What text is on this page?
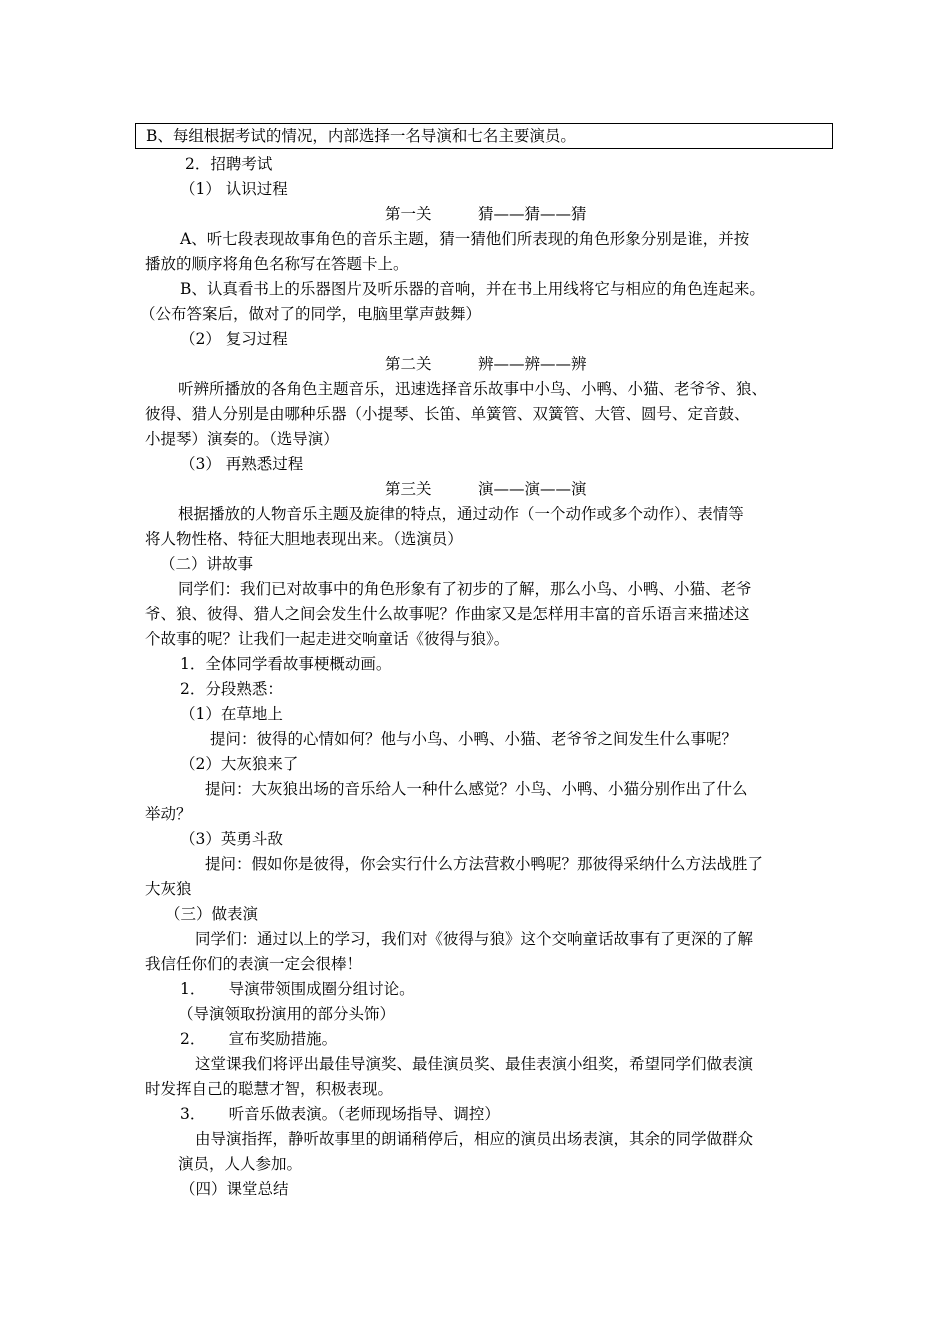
B、每组根据考试的情况，内部选择一名导演和七名主要演员。
2．招聘考试
（1） 认识过程
第一关　　　猜——猜——猜
A、听七段表现故事角色的音乐主题，猜一猜他们所表现的角色形象分别是谁，并按
播放的顺序将角色名称写在答题卡上。
B、认真看书上的乐器图片及听乐器的音响，并在书上用线将它与相应的角色连起来。
（公布答案后，做对了的同学，电脑里掌声鼓舞）
（2） 复习过程
第二关　　　辨——辨——辨
听辨所播放的各角色主题音乐，迅速选择音乐故事中小鸟、小鸭、小猫、老爷爷、狼、
彼得、猎人分别是由哪种乐器（小提琴、长笛、单簧管、双簧管、大管、圆号、定音鼓、
小提琴）演奏的。（选导演）
（3） 再熟悉过程
第三关　　　演——演——演
根据播放的人物音乐主题及旋律的特点，通过动作（一个动作或多个动作）、表情等
将人物性格、特征大胆地表现出来。（选演员）
（二）讲故事
同学们：我们已对故事中的角色形象有了初步的了解，那么小鸟、小鸭、小猫、老爷
爷、狼、彼得、猎人之间会发生什么故事呢？作曲家又是怎样用丰富的音乐语言来描述这
个故事的呢？让我们一起走进交响童话《彼得与狼》。
1．全体同学看故事梗概动画。
2．分段熟悉：
（1）在草地上
提问：彼得的心情如何？他与小鸟、小鸭、小猫、老爷爷之间发生什么事呢？
（2）大灰狼来了
提问：大灰狼出场的音乐给人一种什么感觉？小鸟、小鸭、小猫分别作出了什么
举动？
（3）英勇斗敌
提问：假如你是彼得，你会实行什么方法营救小鸭呢？那彼得采纳什么方法战胜了
大灰狼
（三）做表演
同学们：通过以上的学习，我们对《彼得与狼》这个交响童话故事有了更深的了解
我信任你们的表演一定会很棒！
1．　　导演带领围成圈分组讨论。
（导演领取扮演用的部分头饰）
2．　　宣布奖励措施。
这堂课我们将评出最佳导演奖、最佳演员奖、最佳表演小组奖，希望同学们做表演
时发挥自己的聪慧才智，积极表现。
3．　　听音乐做表演。（老师现场指导、调控）
由导演指挥，静听故事里的朗诵稍停后，相应的演员出场表演，其余的同学做群众
演员，人人参加。
（四）课堂总结
